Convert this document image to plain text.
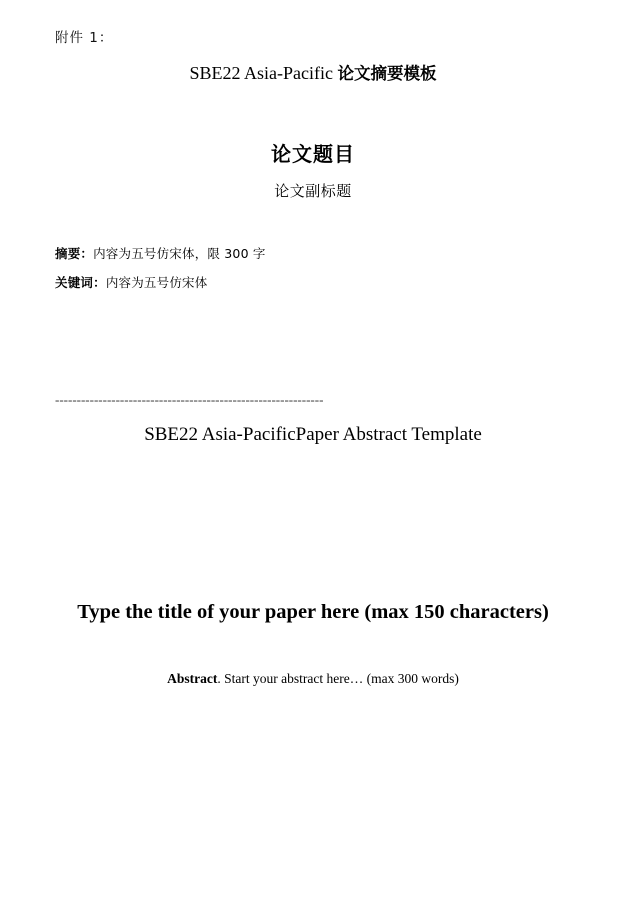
附件 1：
SBE22 Asia-Pacific 论文摘要模板
论文题目
论文副标题
摘要：内容为五号仿宋体，限 300 字
关键词：内容为五号仿宋体
--------------------------------------------------------------
SBE22 Asia-PacificPaper Abstract Template
Type the title of your paper here (max 150 characters)
Abstract. Start your abstract here… (max 300 words)
